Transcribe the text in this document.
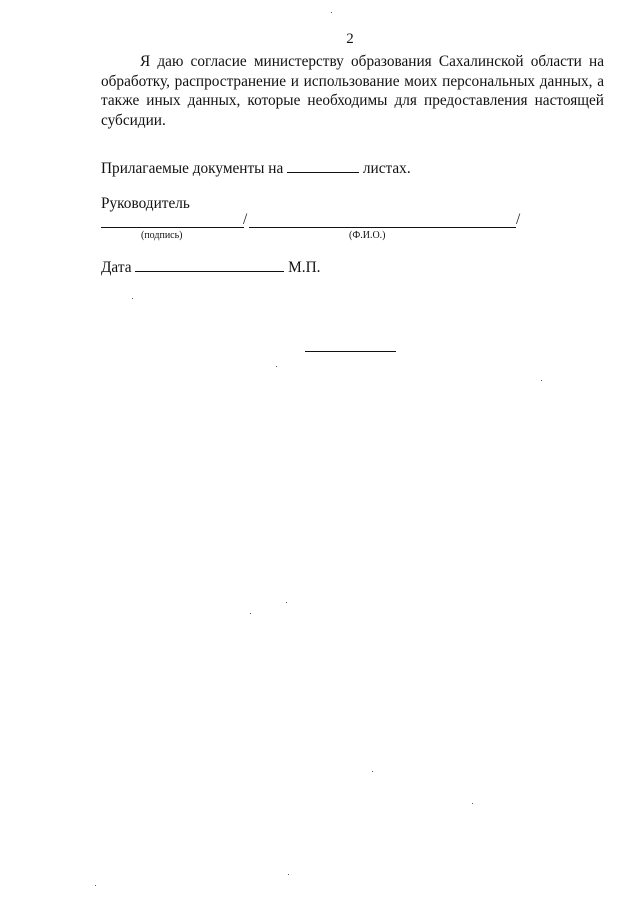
2

Я даю согласие министерству образования Сахалинской области на обработку, распространение и использование моих персональных данных, а также иных данных, которые необходимы для предоставления настоящей субсидии.

Прилагаемые документы на	листах.
Руководитель
/	/
(подпись)	(Ф.И.О.)
Дата	М.П.
